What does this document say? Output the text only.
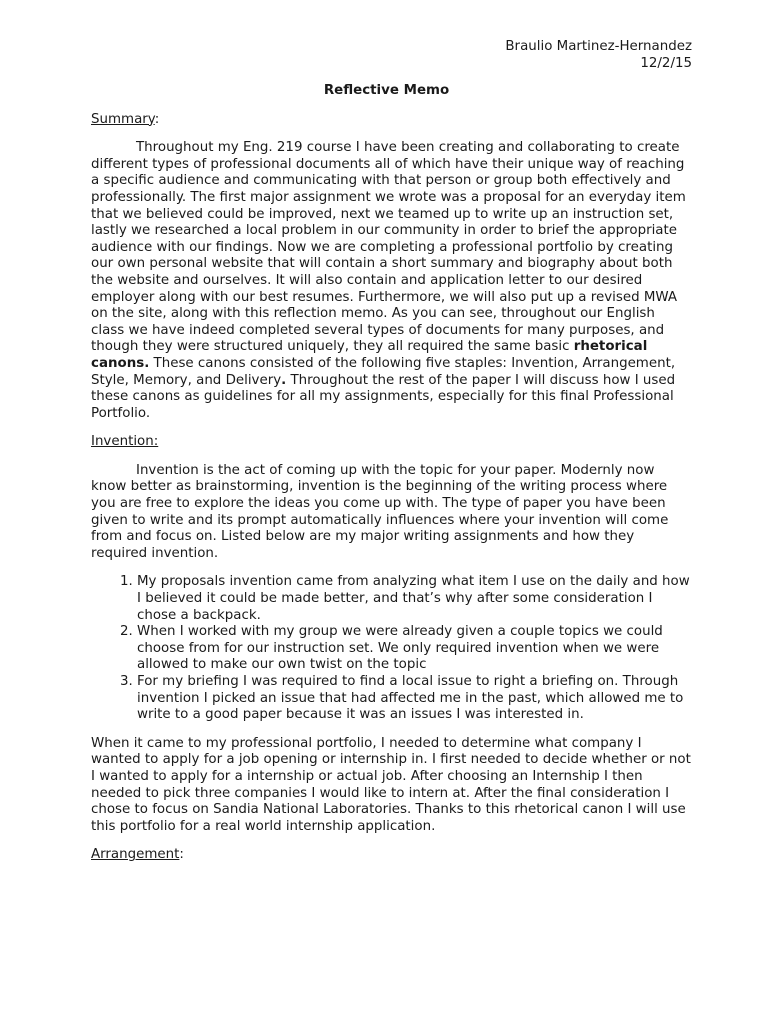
Braulio Martinez-Hernandez
12/2/15
Reflective Memo
Summary:

Throughout my Eng. 219 course I have been creating and collaborating to create different types of professional documents all of which have their unique way of reaching a specific audience and communicating with that person or group both effectively and professionally. The first major assignment we wrote was a proposal for an everyday item that we believed could be improved, next we teamed up to write up an instruction set, lastly we researched a local problem in our community in order to brief the appropriate audience with our findings. Now we are completing a professional portfolio by creating our own personal website that will contain a short summary and biography about both the website and ourselves. It will also contain and application letter to our desired employer along with our best resumes. Furthermore, we will also put up a revised MWA on the site, along with this reflection memo. As you can see, throughout our English class we have indeed completed several types of documents for many purposes, and though they were structured uniquely, they all required the same basic rhetorical canons. These canons consisted of the following five staples: Invention, Arrangement, Style, Memory, and Delivery. Throughout the rest of the paper I will discuss how I used these canons as guidelines for all my assignments, especially for this final Professional Portfolio.

Invention:

Invention is the act of coming up with the topic for your paper. Modernly now know better as brainstorming, invention is the beginning of the writing process where you are free to explore the ideas you come up with. The type of paper you have been given to write and its prompt automatically influences where your invention will come from and focus on. Listed below are my major writing assignments and how they required invention.

1. My proposals invention came from analyzing what item I use on the daily and how I believed it could be made better, and that’s why after some consideration I chose a backpack.
2. When I worked with my group we were already given a couple topics we could choose from for our instruction set. We only required invention when we were allowed to make our own twist on the topic
3. For my briefing I was required to find a local issue to right a briefing on. Through invention I picked an issue that had affected me in the past, which allowed me to write to a good paper because it was an issues I was interested in.

When it came to my professional portfolio, I needed to determine what company I wanted to apply for a job opening or internship in. I first needed to decide whether or not I wanted to apply for a internship or actual job. After choosing an Internship I then needed to pick three companies I would like to intern at. After the final consideration I chose to focus on Sandia National Laboratories. Thanks to this rhetorical canon I will use this portfolio for a real world internship application.

Arrangement:
